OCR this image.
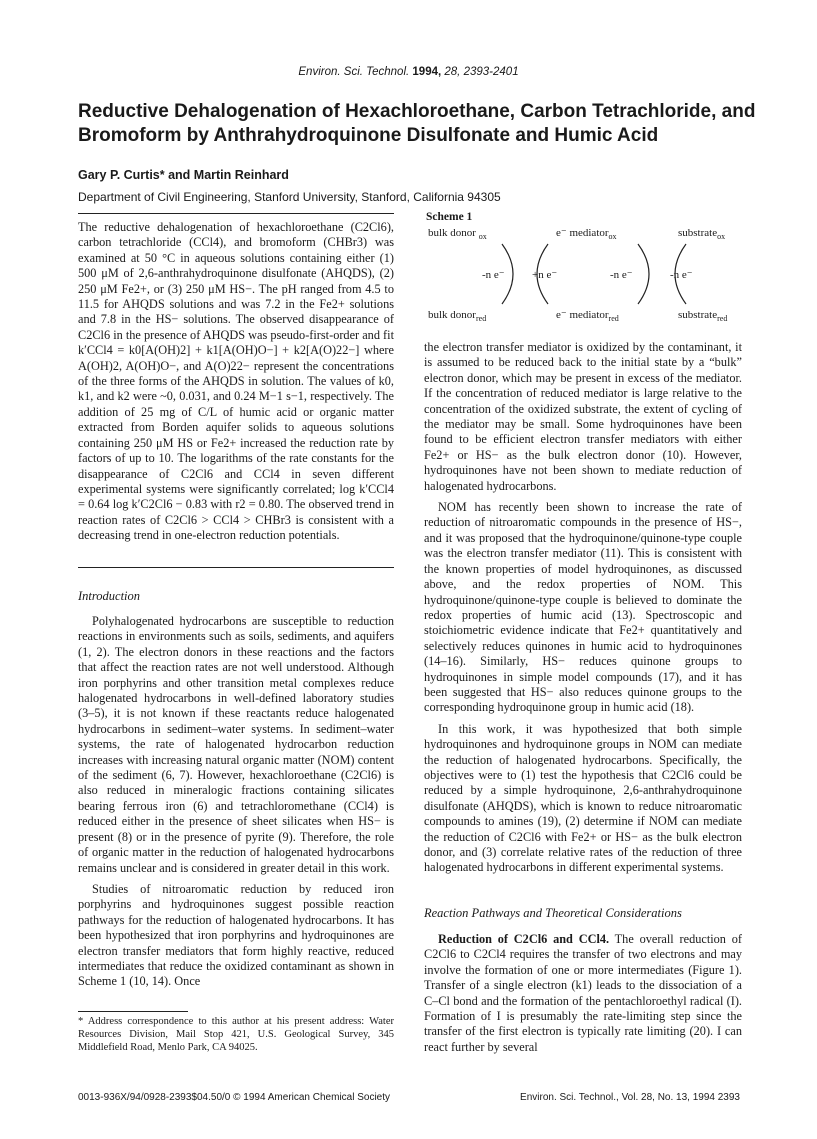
Environ. Sci. Technol. 1994, 28, 2393-2401
Reductive Dehalogenation of Hexachloroethane, Carbon Tetrachloride, and Bromoform by Anthrahydroquinone Disulfonate and Humic Acid
Gary P. Curtis* and Martin Reinhard
Department of Civil Engineering, Stanford University, Stanford, California 94305

The reductive dehalogenation of hexachloroethane (C2Cl6), carbon tetrachloride (CCl4), and bromoform (CHBr3) was examined at 50 °C in aqueous solutions containing either (1) 500 μM of 2,6-anthrahydroquinone disulfonate (AHQDS), (2) 250 μM Fe2+, or (3) 250 μM HS−. The pH ranged from 4.5 to 11.5 for AHQDS solutions and was 7.2 in the Fe2+ solutions and 7.8 in the HS− solutions. The observed disappearance of C2Cl6 in the presence of AHQDS was pseudo-first-order and fit k′CCl4 = k0[A(OH)2] + k1[A(OH)O−] + k2[A(O)22−] where A(OH)2, A(OH)O−, and A(O)22− represent the concentrations of the three forms of the AHQDS in solution. The values of k0, k1, and k2 were ~0, 0.031, and 0.24 M−1 s−1, respectively. The addition of 25 mg of C/L of humic acid or organic matter extracted from Borden aquifer solids to aqueous solutions containing 250 μM HS or Fe2+ increased the reduction rate by factors of up to 10. The logarithms of the rate constants for the disappearance of C2Cl6 and CCl4 in seven different experimental systems were significantly correlated; log k′CCl4 = 0.64 log k′C2Cl6 − 0.83 with r2 = 0.80. The observed trend in reaction rates of C2Cl6 > CCl4 > CHBr3 is consistent with a decreasing trend in one-electron reduction potentials.

Introduction

Polyhalogenated hydrocarbons are susceptible to reduction reactions in environments such as soils, sediments, and aquifers (1, 2). The electron donors in these reactions and the factors that affect the reaction rates are not well understood. Although iron porphyrins and other transition metal complexes reduce halogenated hydrocarbons in well-defined laboratory studies (3–5), it is not known if these reactants reduce halogenated hydrocarbons in sediment–water systems. In sediment–water systems, the rate of halogenated hydrocarbon reduction increases with increasing natural organic matter (NOM) content of the sediment (6, 7). However, hexachloroethane (C2Cl6) is also reduced in mineralogic fractions containing silicates bearing ferrous iron (6) and tetrachloromethane (CCl4) is reduced either in the presence of sheet silicates when HS− is present (8) or in the presence of pyrite (9). Therefore, the role of organic matter in the reduction of halogenated hydrocarbons remains unclear and is considered in greater detail in this work.

Studies of nitroaromatic reduction by reduced iron porphyrins and hydroquinones suggest possible reaction pathways for the reduction of halogenated hydrocarbons. It has been hypothesized that iron porphyrins and hydroquinones are electron transfer mediators that form highly reactive, reduced intermediates that reduce the oxidized contaminant as shown in Scheme 1 (10, 14). Once

* Address correspondence to this author at his present address: Water Resources Division, Mail Stop 421, U.S. Geological Survey, 345 Middlefield Road, Menlo Park, CA 94025.
0013-936X/94/0928-2393$04.50/0 © 1994 American Chemical Society	Environ. Sci. Technol., Vol. 28, No. 13, 1994 2393
Scheme 1
bulk donor $_{ox}$
bulk donor$_{red}$
e⁻ mediator$_{ox}$
e⁻ mediator$_{red}$
substrate$_{ox}$
substrate$_{red}$
-n e⁻ +n e⁻	-n e⁻	-n e⁻

the electron transfer mediator is oxidized by the contaminant, it is assumed to be reduced back to the initial state by a “bulk” electron donor, which may be present in excess of the mediator. If the concentration of reduced mediator is large relative to the concentration of the oxidized substrate, the extent of cycling of the mediator may be small. Some hydroquinones have been found to be efficient electron transfer mediators with either Fe2+ or HS− as the bulk electron donor (10). However, hydroquinones have not been shown to mediate reduction of halogenated hydrocarbons.

NOM has recently been shown to increase the rate of reduction of nitroaromatic compounds in the presence of HS−, and it was proposed that the hydroquinone/quinone-type couple was the electron transfer mediator (11). This is consistent with the known properties of model hydroquinones, as discussed above, and the redox properties of NOM. This hydroquinone/quinone-type couple is believed to dominate the redox properties of humic acid (13). Spectroscopic and stoichiometric evidence indicate that Fe2+ quantitatively and selectively reduces quinones in humic acid to hydroquinones (14–16). Similarly, HS− reduces quinone groups to hydroquinones in simple model compounds (17), and it has been suggested that HS− also reduces quinone groups to the corresponding hydroquinone group in humic acid (18).

In this work, it was hypothesized that both simple hydroquinones and hydroquinone groups in NOM can mediate the reduction of halogenated hydrocarbons. Specifically, the objectives were to (1) test the hypothesis that C2Cl6 could be reduced by a simple hydroquinone, 2,6-anthrahydroquinone disulfonate (AHQDS), which is known to reduce nitroaromatic compounds to amines (19), (2) determine if NOM can mediate the reduction of C2Cl6 with Fe2+ or HS− as the bulk electron donor, and (3) correlate relative rates of the reduction of three halogenated hydrocarbons in different experimental systems.

Reaction Pathways and Theoretical Considerations

Reduction of C2Cl6 and CCl4. The overall reduction of C2Cl6 to C2Cl4 requires the transfer of two electrons and may involve the formation of one or more intermediates (Figure 1). Transfer of a single electron (k1) leads to the dissociation of a C–Cl bond and the formation of the pentachloroethyl radical (I). Formation of I is presumably the rate-limiting step since the transfer of the first electron is typically rate limiting (20). I can react further by several
